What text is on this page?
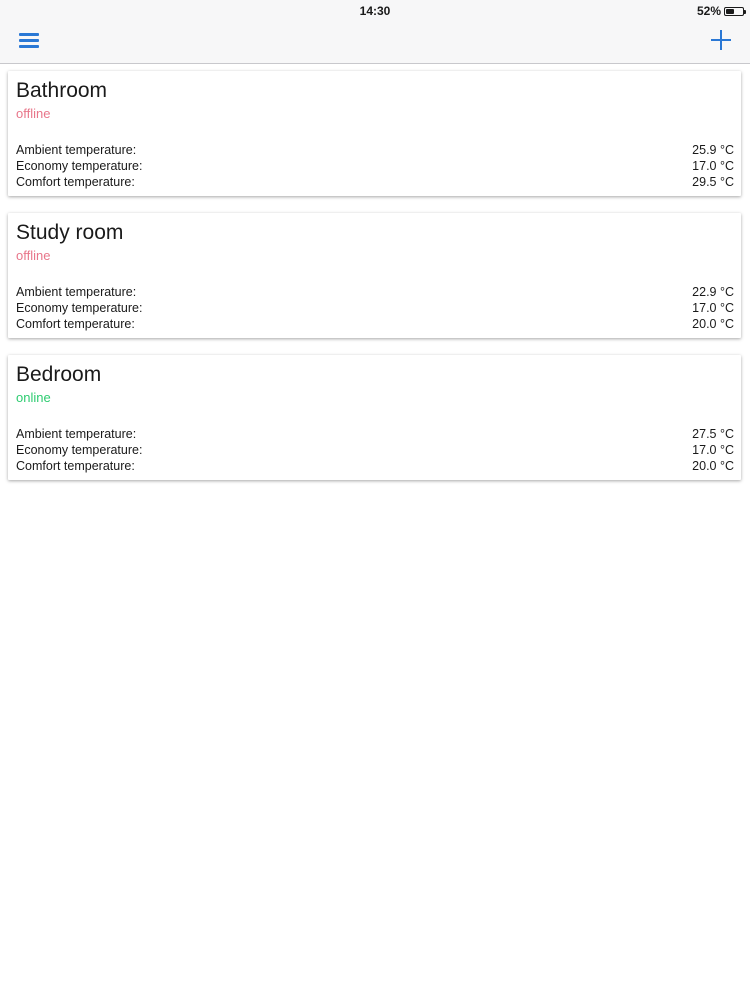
14:30	52%
Bathroom
offline
Ambient temperature:	25.9 °C
Economy temperature:	17.0 °C
Comfort temperature:	29.5 °C
Study room
offline
Ambient temperature:	22.9 °C
Economy temperature:	17.0 °C
Comfort temperature:	20.0 °C
Bedroom
online
Ambient temperature:	27.5 °C
Economy temperature:	17.0 °C
Comfort temperature:	20.0 °C
